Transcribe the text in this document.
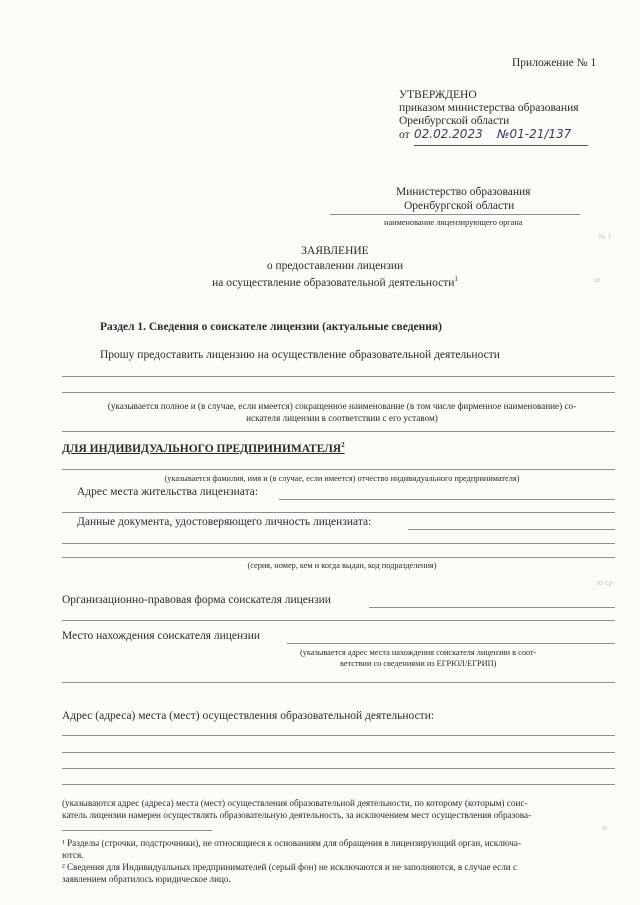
Приложение № 1
УТВЕРЖДЕНО
приказом министерства образования
Оренбургской области
от 02.02.2023 №01-21/137
Министерство образования
Оренбургской области
наименование лицензирующего органа
№ 1
ш
ЗАЯВЛЕНИЕ
о предоставлении лицензии
на осуществление образовательной деятельности$^1$
Раздел 1. Сведения о соискателе лицензии (актуальные сведения)
Прошу предоставить лицензию на осуществление образовательной деятельности
(указывается полное и (в случае, если имеется) сокращенное наименование (в том числе фирменное наименование) со-
искателя лицензии в соответствии с его уставом)
ДЛЯ ИНДИВИДУАЛЬНОГО ПРЕДПРИНИМАТЕЛЯ$^2$
(указывается фамилия, имя и (в случае, если имеется) отчество индивидуального предпринимателя)
Адрес места жительства лицензиата:
Данные документа, удостоверяющего личность лицензиата:
(серия, номер, кем и когда выдан, код подразделения)
ю ср-
Организационно-правовая форма соискателя лицензии
Место нахождения соискателя лицензии
(указывается адрес места нахождения соискателя лицензии в соот-
ветствии со сведениями из ЕГРЮЛ/ЕГРИП)
Адрес (адреса) места (мест) осуществления образовательной деятельности:
(указываются адрес (адреса) места (мест) осуществления образовательной деятельности, по которому (которым) соис-
катель лицензии намерен осуществлять образовательную деятельность, за исключением мест осуществления образова-
а-
¹ Разделы (строчки, подстрочники), не относящиеся к основаниям для обращения в лицензирующий орган, исключа-
ются.
² Сведения для Индивидуальных предпринимателей (серый фон) не исключаются и не заполняются, в случае если с
заявлением обратилось юридическое лицо.
